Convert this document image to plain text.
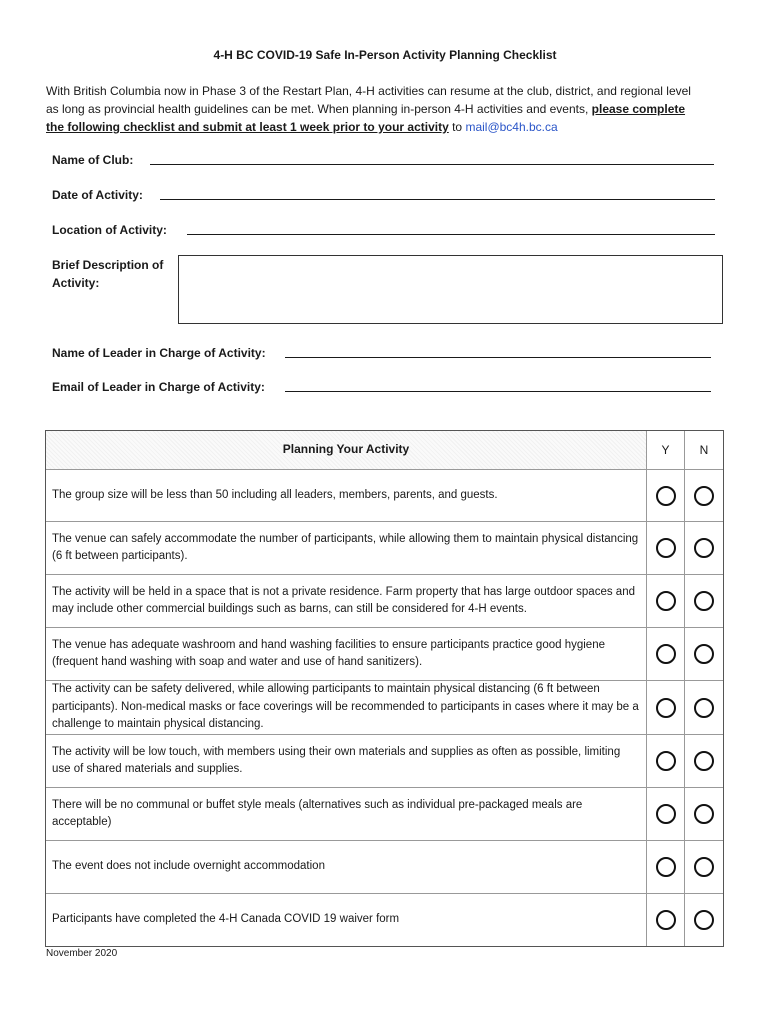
4-H BC COVID-19 Safe In-Person Activity Planning Checklist
With British Columbia now in Phase 3 of the Restart Plan, 4-H activities can resume at the club, district, and regional level as long as provincial health guidelines can be met. When planning in-person 4-H activities and events, please complete the following checklist and submit at least 1 week prior to your activity to mail@bc4h.bc.ca
Name of Club:
Date of Activity:
Location of Activity:
Brief Description of Activity:
Name of Leader in Charge of Activity:
Email of Leader in Charge of Activity:
Planning Your Activity	Y	N
The group size will be less than 50 including all leaders, members, parents, and guests.
The venue can safely accommodate the number of participants, while allowing them to maintain physical distancing (6 ft between participants).
The activity will be held in a space that is not a private residence. Farm property that has large outdoor spaces and may include other commercial buildings such as barns, can still be considered for 4-H events.
The venue has adequate washroom and hand washing facilities to ensure participants practice good hygiene (frequent hand washing with soap and water and use of hand sanitizers).
The activity can be safety delivered, while allowing participants to maintain physical distancing (6 ft between participants). Non-medical masks or face coverings will be recommended to participants in cases where it may be a challenge to maintain physical distancing.
The activity will be low touch, with members using their own materials and supplies as often as possible, limiting use of shared materials and supplies.
There will be no communal or buffet style meals (alternatives such as individual pre-packaged meals are acceptable)
The event does not include overnight accommodation
Participants have completed the 4-H Canada COVID 19 waiver form
November 2020
